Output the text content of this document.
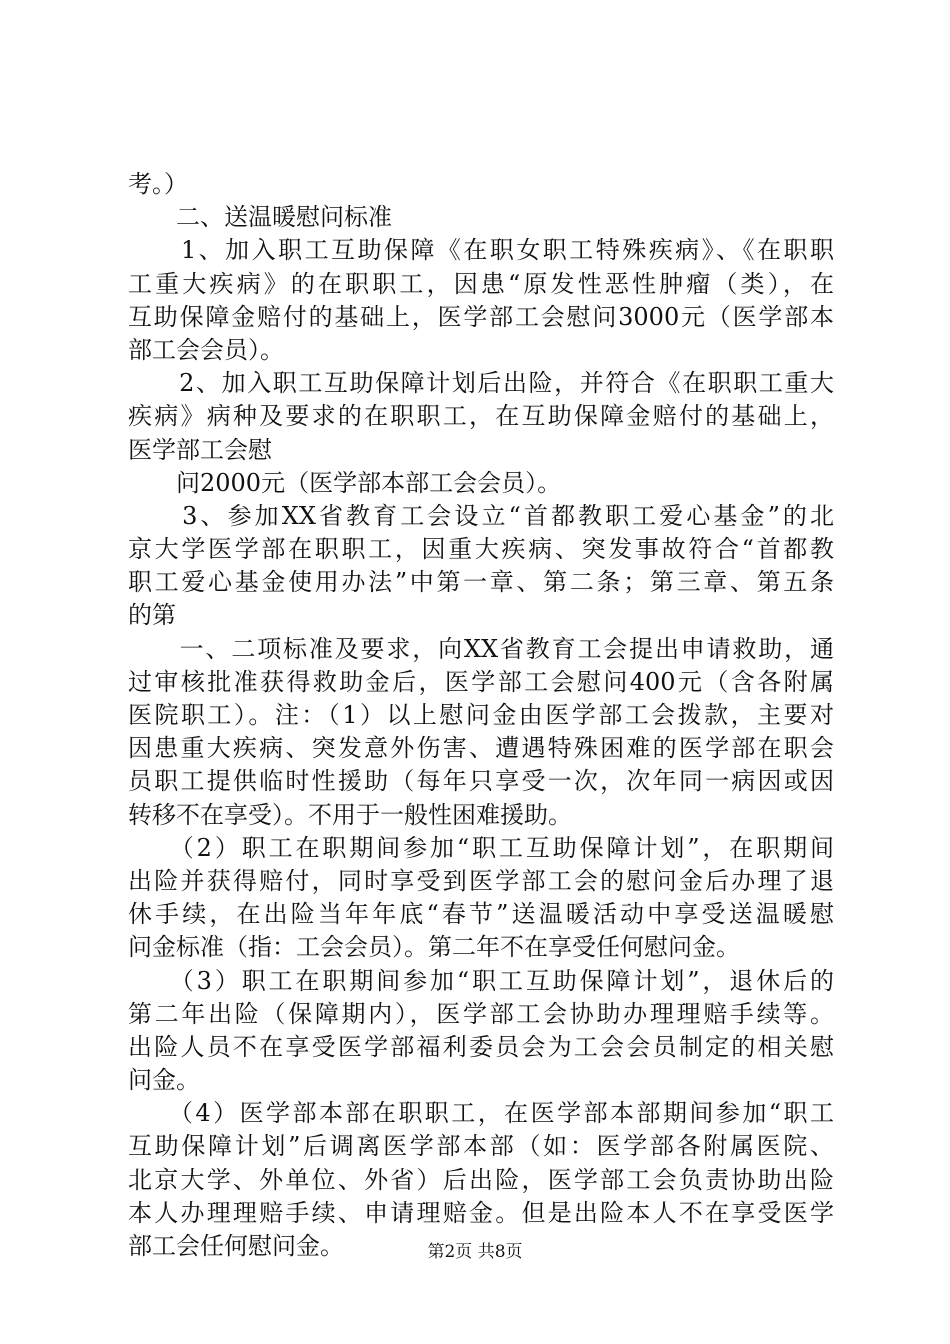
考。）
　　二、送温暖慰问标准
　　1、加入职工互助保障《在职女职工特殊疾病》、《在职职
工重大疾病》的在职职工，因患“原发性恶性肿瘤（类），在
互助保障金赔付的基础上，医学部工会慰问3000元（医学部本
部工会会员）。
　　2、加入职工互助保障计划后出险，并符合《在职职工重大
疾病》病种及要求的在职职工，在互助保障金赔付的基础上，
医学部工会慰
　　问2000元（医学部本部工会会员）。
　　3、参加XX省教育工会设立“首都教职工爱心基金”的北
京大学医学部在职职工，因重大疾病、突发事故符合“首都教
职工爱心基金使用办法”中第一章、第二条；第三章、第五条
的第
　　一、二项标准及要求，向XX省教育工会提出申请救助，通
过审核批准获得救助金后，医学部工会慰问400元（含各附属
医院职工）。注：（1）以上慰问金由医学部工会拨款，主要对
因患重大疾病、突发意外伤害、遭遇特殊困难的医学部在职会
员职工提供临时性援助（每年只享受一次，次年同一病因或因
转移不在享受）。不用于一般性困难援助。
　　（2）职工在职期间参加“职工互助保障计划”，在职期间
出险并获得赔付，同时享受到医学部工会的慰问金后办理了退
休手续，在出险当年年底“春节”送温暖活动中享受送温暖慰
问金标准（指：工会会员）。第二年不在享受任何慰问金。
　　（3）职工在职期间参加“职工互助保障计划”，退休后的
第二年出险（保障期内），医学部工会协助办理理赔手续等。
出险人员不在享受医学部福利委员会为工会会员制定的相关慰
问金。
　　（4）医学部本部在职职工，在医学部本部期间参加“职工
互助保障计划”后调离医学部本部（如：医学部各附属医院、
北京大学、外单位、外省）后出险，医学部工会负责协助出险
本人办理理赔手续、申请理赔金。但是出险本人不在享受医学
部工会任何慰问金。	第2页 共8页
